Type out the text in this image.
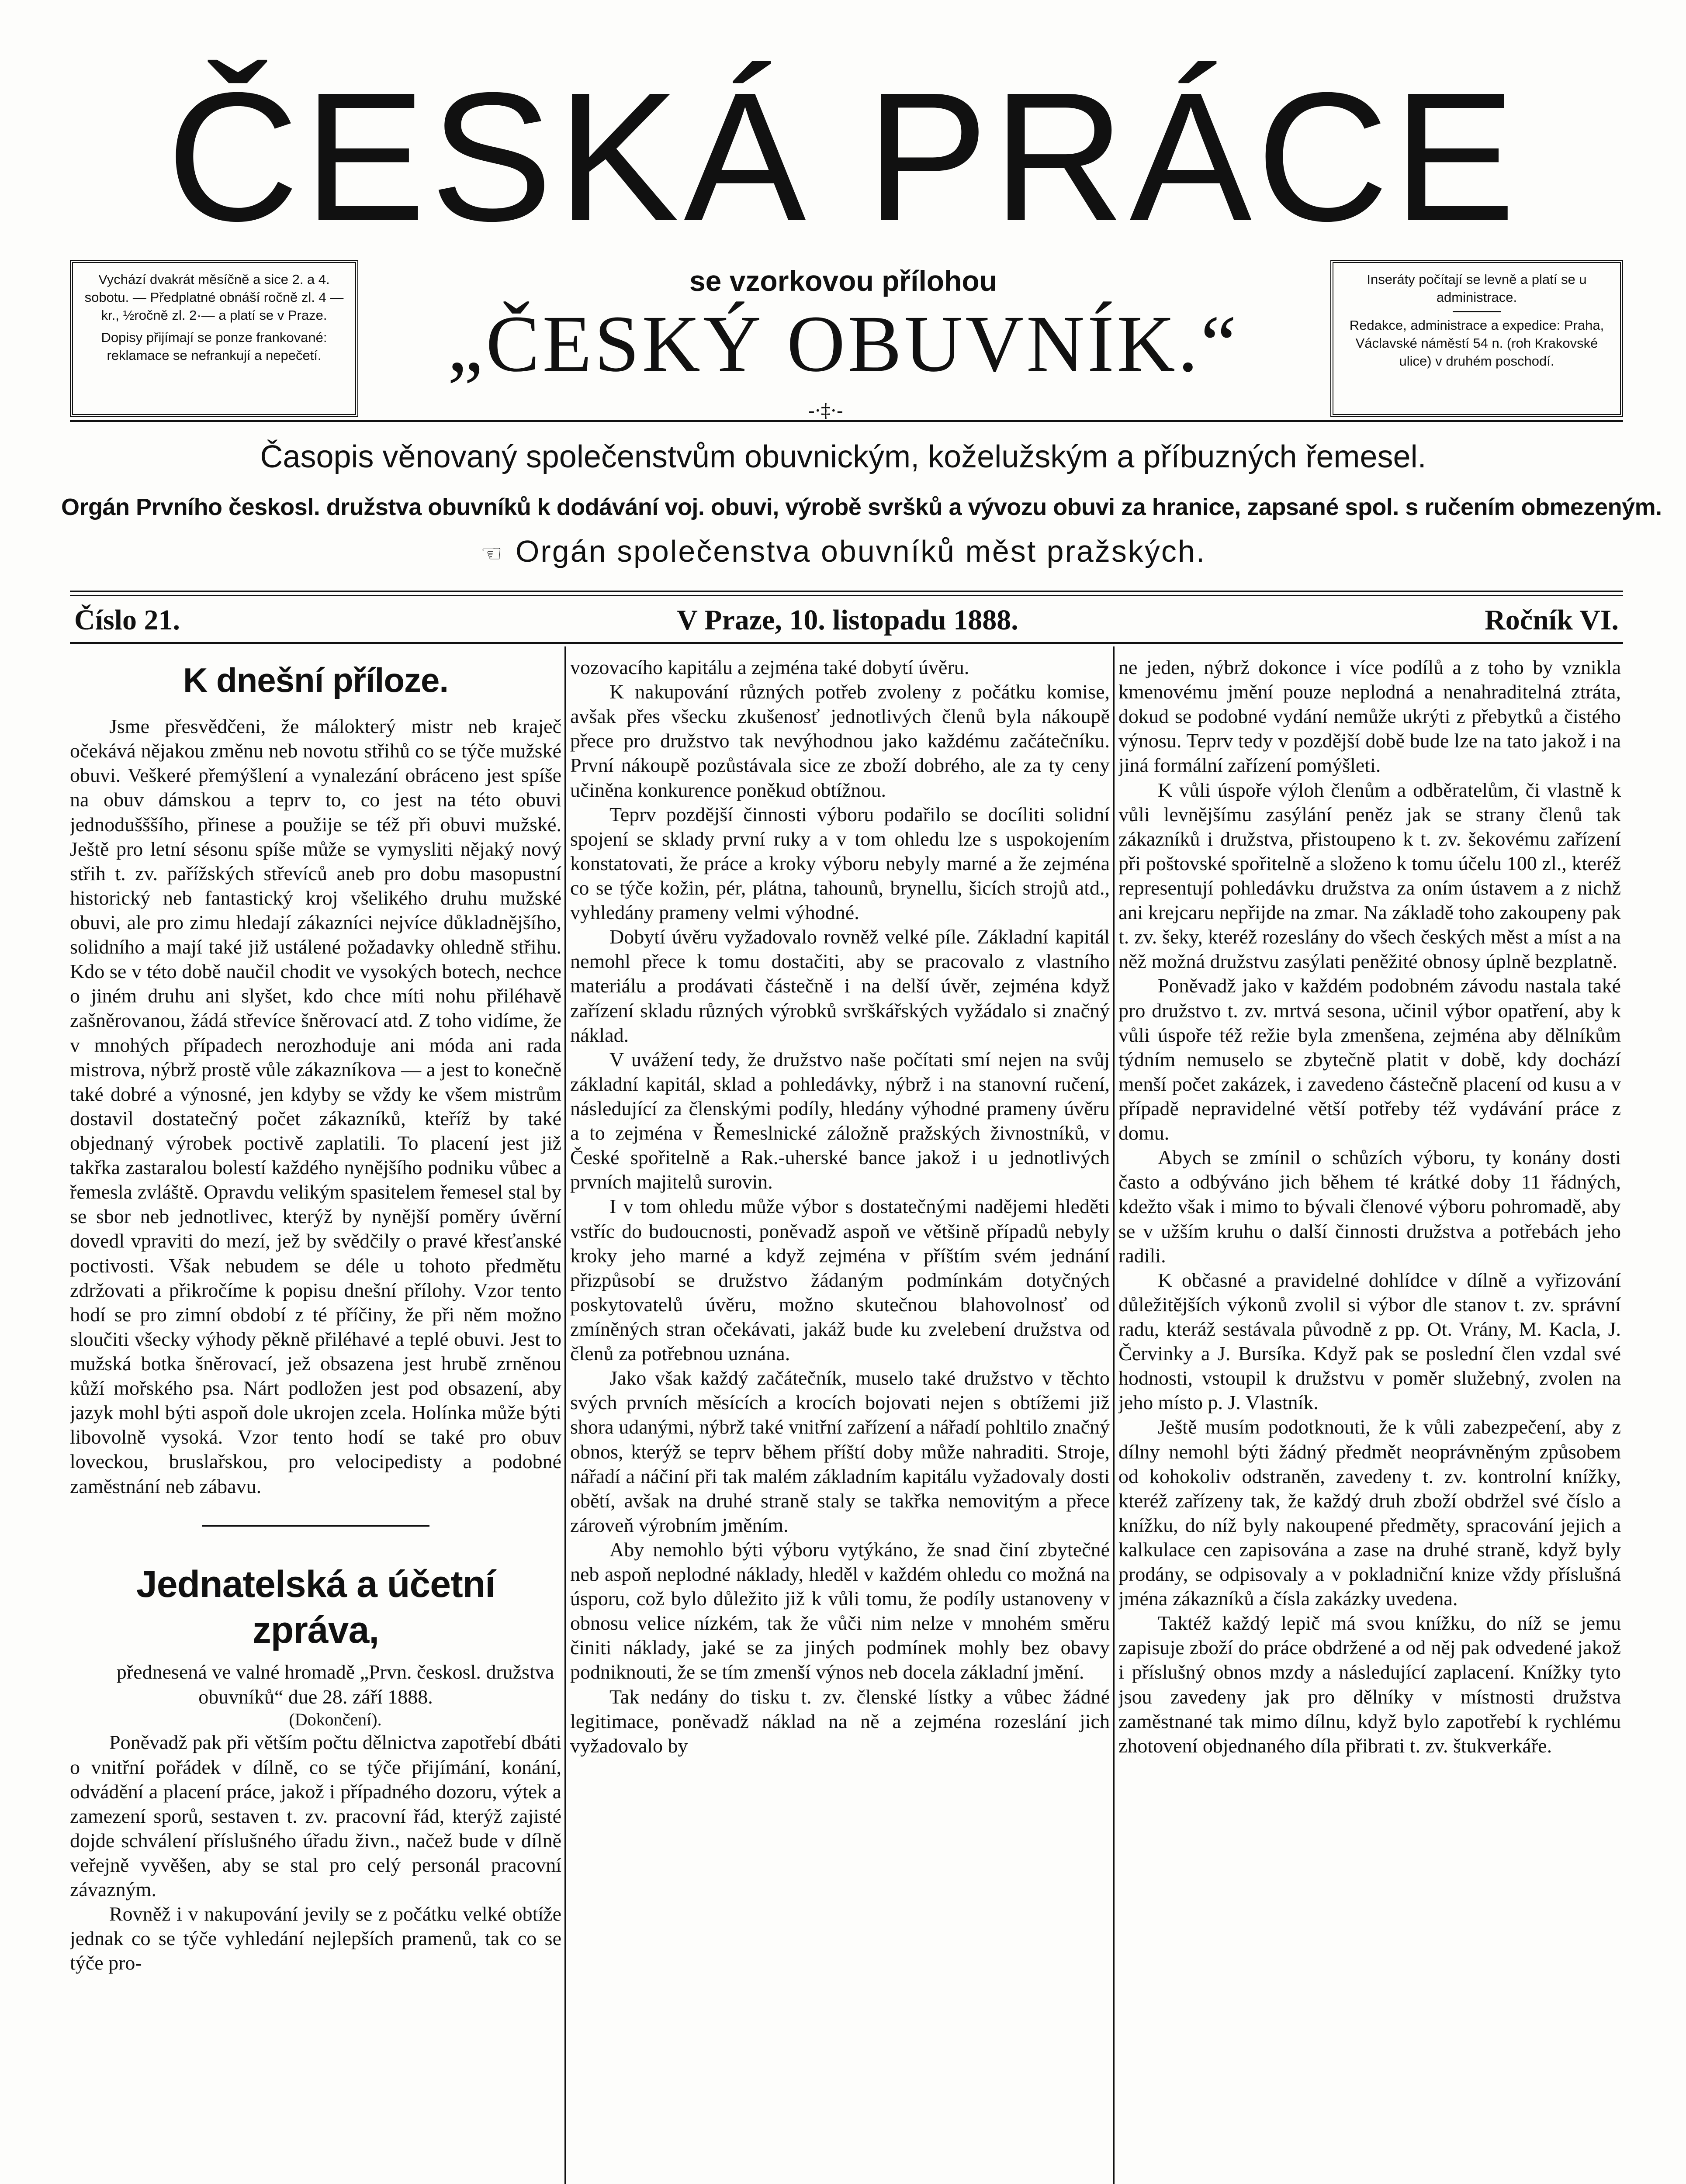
ČESKÁ PRÁCE

Vychází dvakrát měsíčně a sice 2. a 4. sobotu. — Předplatné obnáší ročně zl. 4 — kr., ½ročně zl. 2·— a platí se v Praze.

Dopisy přijímají se ponze frankované: reklamace se nefrankují a nepečetí.

se vzorkovou přílohou
„ČESKÝ OBUVNÍK.“
-·‡·-

Inseráty počítají se levně a platí se u administrace.

Redakce, administrace a expedice: Praha, Václavské náměstí 54 n. (roh Krakovské ulice) v druhém poschodí.

Časopis věnovaný společenstvům obuvnickým, koželužským a příbuzných řemesel.
Orgán Prvního českosl. družstva obuvníků k dodávání voj. obuvi, výrobě svršků a vývozu obuvi za hranice, zapsané spol. s ručením obmezeným.
☜ Orgán společenstva obuvníků měst pražských.
Číslo 21.	V Praze, 10. listopadu 1888.	Ročník VI.
K dnešní příloze.

Jsme přesvědčeni, že málokterý mistr neb kraječ očekává nějakou změnu neb novotu střihů co se týče mužské obuvi. Veškeré přemýšlení a vynalezání obráceno jest spíše na obuv dámskou a teprv to, co jest na této obuvi jednodušššího, přinese a použije se též při obuvi mužské. Ještě pro letní sésonu spíše může se vymysliti nějaký nový střih t. zv. pařížských střevíců aneb pro dobu masopustní historický neb fantastický kroj všelikého druhu mužské obuvi, ale pro zimu hledají zákazníci nejvíce důkladnějšího, solidního a mají také již ustálené požadavky ohledně střihu. Kdo se v této době naučil chodit ve vysokých botech, nechce o jiném druhu ani slyšet, kdo chce míti nohu přiléhavě zašněrovanou, žádá střevíce šněrovací atd. Z toho vidíme, že v mnohých případech nerozhoduje ani móda ani rada mistrova, nýbrž prostě vůle zákazníkova — a jest to konečně také dobré a výnosné, jen kdyby se vždy ke všem mistrům dostavil dostatečný počet zákazníků, kteříž by také objednaný výrobek poctivě zaplatili. To placení jest již takřka zastaralou bolestí každého nynějšího podniku vůbec a řemesla zvláště. Opravdu velikým spasitelem řemesel stal by se sbor neb jednotlivec, kterýž by nynější poměry úvěrní dovedl vpraviti do mezí, jež by svědčily o pravé křesťanské poctivosti. Však nebudem se déle u tohoto předmětu zdržovati a přikročíme k popisu dnešní přílohy. Vzor tento hodí se pro zimní období z té příčiny, že při něm možno sloučiti všecky výhody pěkně přiléhavé a teplé obuvi. Jest to mužská botka šněrovací, jež obsazena jest hrubě zrněnou kůží mořského psa. Nárt podložen jest pod obsazení, aby jazyk mohl býti aspoň dole ukrojen zcela. Holínka může býti libovolně vysoká. Vzor tento hodí se také pro obuv loveckou, bruslařskou, pro velocipedisty a podobné zaměstnání neb zábavu.

Jednatelská a účetní zpráva,

přednesená ve valné hromadě „Prvn. českosl. družstva obuvníků“ due 28. září 1888.

(Dokončení).

Poněvadž pak při větším počtu dělnictva zapotřebí dbáti o vnitřní pořádek v dílně, co se týče přijímání, konání, odvádění a placení práce, jakož i případného dozoru, výtek a zamezení sporů, sestaven t. zv. pracovní řád, kterýž zajisté dojde schválení příslušného úřadu živn., načež bude v dílně veřejně vyvěšen, aby se stal pro celý personál pracovní závazným.

Rovněž i v nakupování jevily se z počátku velké obtíže jednak co se týče vyhledání nejlepších pramenů, tak co se týče pro-

vozovacího kapitálu a zejména také dobytí úvěru.

K nakupování různých potřeb zvoleny z počátku komise, avšak přes všecku zkušenosť jednotlivých členů byla nákoupě přece pro družstvo tak nevýhodnou jako každému začátečníku. První nákoupě pozůstávala sice ze zboží dobrého, ale za ty ceny učiněna konkurence poněkud obtížnou.

Teprv pozdější činnosti výboru podařilo se docíliti solidní spojení se sklady první ruky a v tom ohledu lze s uspokojením konstatovati, že práce a kroky výboru nebyly marné a že zejména co se týče kožin, pér, plátna, tahounů, brynellu, šicích strojů atd., vyhledány prameny velmi výhodné.

Dobytí úvěru vyžadovalo rovněž velké píle. Základní kapitál nemohl přece k tomu dostačiti, aby se pracovalo z vlastního materiálu a prodávati částečně i na delší úvěr, zejména když zařízení skladu různých výrobků svrškářských vyžádalo si značný náklad.

V uvážení tedy, že družstvo naše počítati smí nejen na svůj základní kapitál, sklad a pohledávky, nýbrž i na stanovní ručení, následující za členskými podíly, hledány výhodné prameny úvěru a to zejména v Řemeslnické záložně pražských živnostníků, v České spořitelně a Rak.-uherské bance jakož i u jednotlivých prvních majitelů surovin.

I v tom ohledu může výbor s dostatečnými nadějemi hleděti vstříc do budoucnosti, poněvadž aspoň ve většině případů nebyly kroky jeho marné a když zejména v příštím svém jednání přizpůsobí se družstvo žádaným podmínkám dotyčných poskytovatelů úvěru, možno skutečnou blahovolnosť od zmíněných stran očekávati, jakáž bude ku zvelebení družstva od členů za potřebnou uznána.

Jako však každý začátečník, muselo také družstvo v těchto svých prvních měsících a krocích bojovati nejen s obtížemi již shora udanými, nýbrž také vnitřní zařízení a nářadí pohltilo značný obnos, kterýž se teprv během příští doby může nahraditi. Stroje, nářadí a náčiní při tak malém základním kapitálu vyžadovaly dosti obětí, avšak na druhé straně staly se takřka nemovitým a přece zároveň výrobním jměním.

Aby nemohlo býti výboru vytýkáno, že snad činí zbytečné neb aspoň neplodné náklady, hleděl v každém ohledu co možná na úsporu, což bylo důležito již k vůli tomu, že podíly ustanoveny v obnosu velice nízkém, tak že vůči nim nelze v mnohém směru činiti náklady, jaké se za jiných podmínek mohly bez obavy podniknouti, že se tím zmenší výnos neb docela základní jmění.

Tak nedány do tisku t. zv. členské lístky a vůbec žádné legitimace, poněvadž náklad na ně a zejména rozeslání jich vyžadovalo by

ne jeden, nýbrž dokonce i více podílů a z toho by vznikla kmenovému jmění pouze neplodná a nenahraditelná ztráta, dokud se podobné vydání nemůže ukrýti z přebytků a čistého výnosu. Teprv tedy v pozdější době bude lze na tato jakož i na jiná formální zařízení pomýšleti.

K vůli úspoře výloh členům a odběratelům, či vlastně k vůli levnějšímu zasýlání peněz jak se strany členů tak zákazníků i družstva, přistoupeno k t. zv. šekovému zařízení při poštovské spořitelně a složeno k tomu účelu 100 zl., kteréž representují pohledávku družstva za oním ústavem a z nichž ani krejcaru nepřijde na zmar. Na základě toho zakoupeny pak t. zv. šeky, kteréž rozeslány do všech českých měst a míst a na něž možná družstvu zasýlati peněžité obnosy úplně bezplatně.

Poněvadž jako v každém podobném závodu nastala také pro družstvo t. zv. mrtvá sesona, učinil výbor opatření, aby k vůli úspoře též režie byla zmenšena, zejména aby dělníkům týdním nemuselo se zbytečně platit v době, kdy dochází menší počet zakázek, i zavedeno částečně placení od kusu a v případě nepravidelné větší potřeby též vydávání práce z domu.

Abych se zmínil o schůzích výboru, ty konány dosti často a odbýváno jich během té krátké doby 11 řádných, kdežto však i mimo to bývali členové výboru pohromadě, aby se v užším kruhu o další činnosti družstva a potřebách jeho radili.

K občasné a pravidelné dohlídce v dílně a vyřizování důležitějších výkonů zvolil si výbor dle stanov t. zv. správní radu, kteráž sestávala původně z pp. Ot. Vrány, M. Kacla, J. Červinky a J. Bursíka. Když pak se poslední člen vzdal své hodnosti, vstoupil k družstvu v poměr služebný, zvolen na jeho místo p. J. Vlastník.

Ještě musím podotknouti, že k vůli zabezpečení, aby z dílny nemohl býti žádný předmět neoprávněným způsobem od kohokoliv odstraněn, zavedeny t. zv. kontrolní knížky, kteréž zařízeny tak, že každý druh zboží obdržel své číslo a knížku, do níž byly nakoupené předměty, spracování jejich a kalkulace cen zapisována a zase na druhé straně, když byly prodány, se odpisovaly a v pokladniční knize vždy příslušná jména zákazníků a čísla zakázky uvedena.

Taktéž každý lepič má svou knížku, do níž se jemu zapisuje zboží do práce obdržené a od něj pak odvedené jakož i příslušný obnos mzdy a následující zaplacení. Knížky tyto jsou zavedeny jak pro dělníky v místnosti družstva zaměstnané tak mimo dílnu, když bylo zapotřebí k rychlému zhotovení objednaného díla přibrati t. zv. štukverkáře.
